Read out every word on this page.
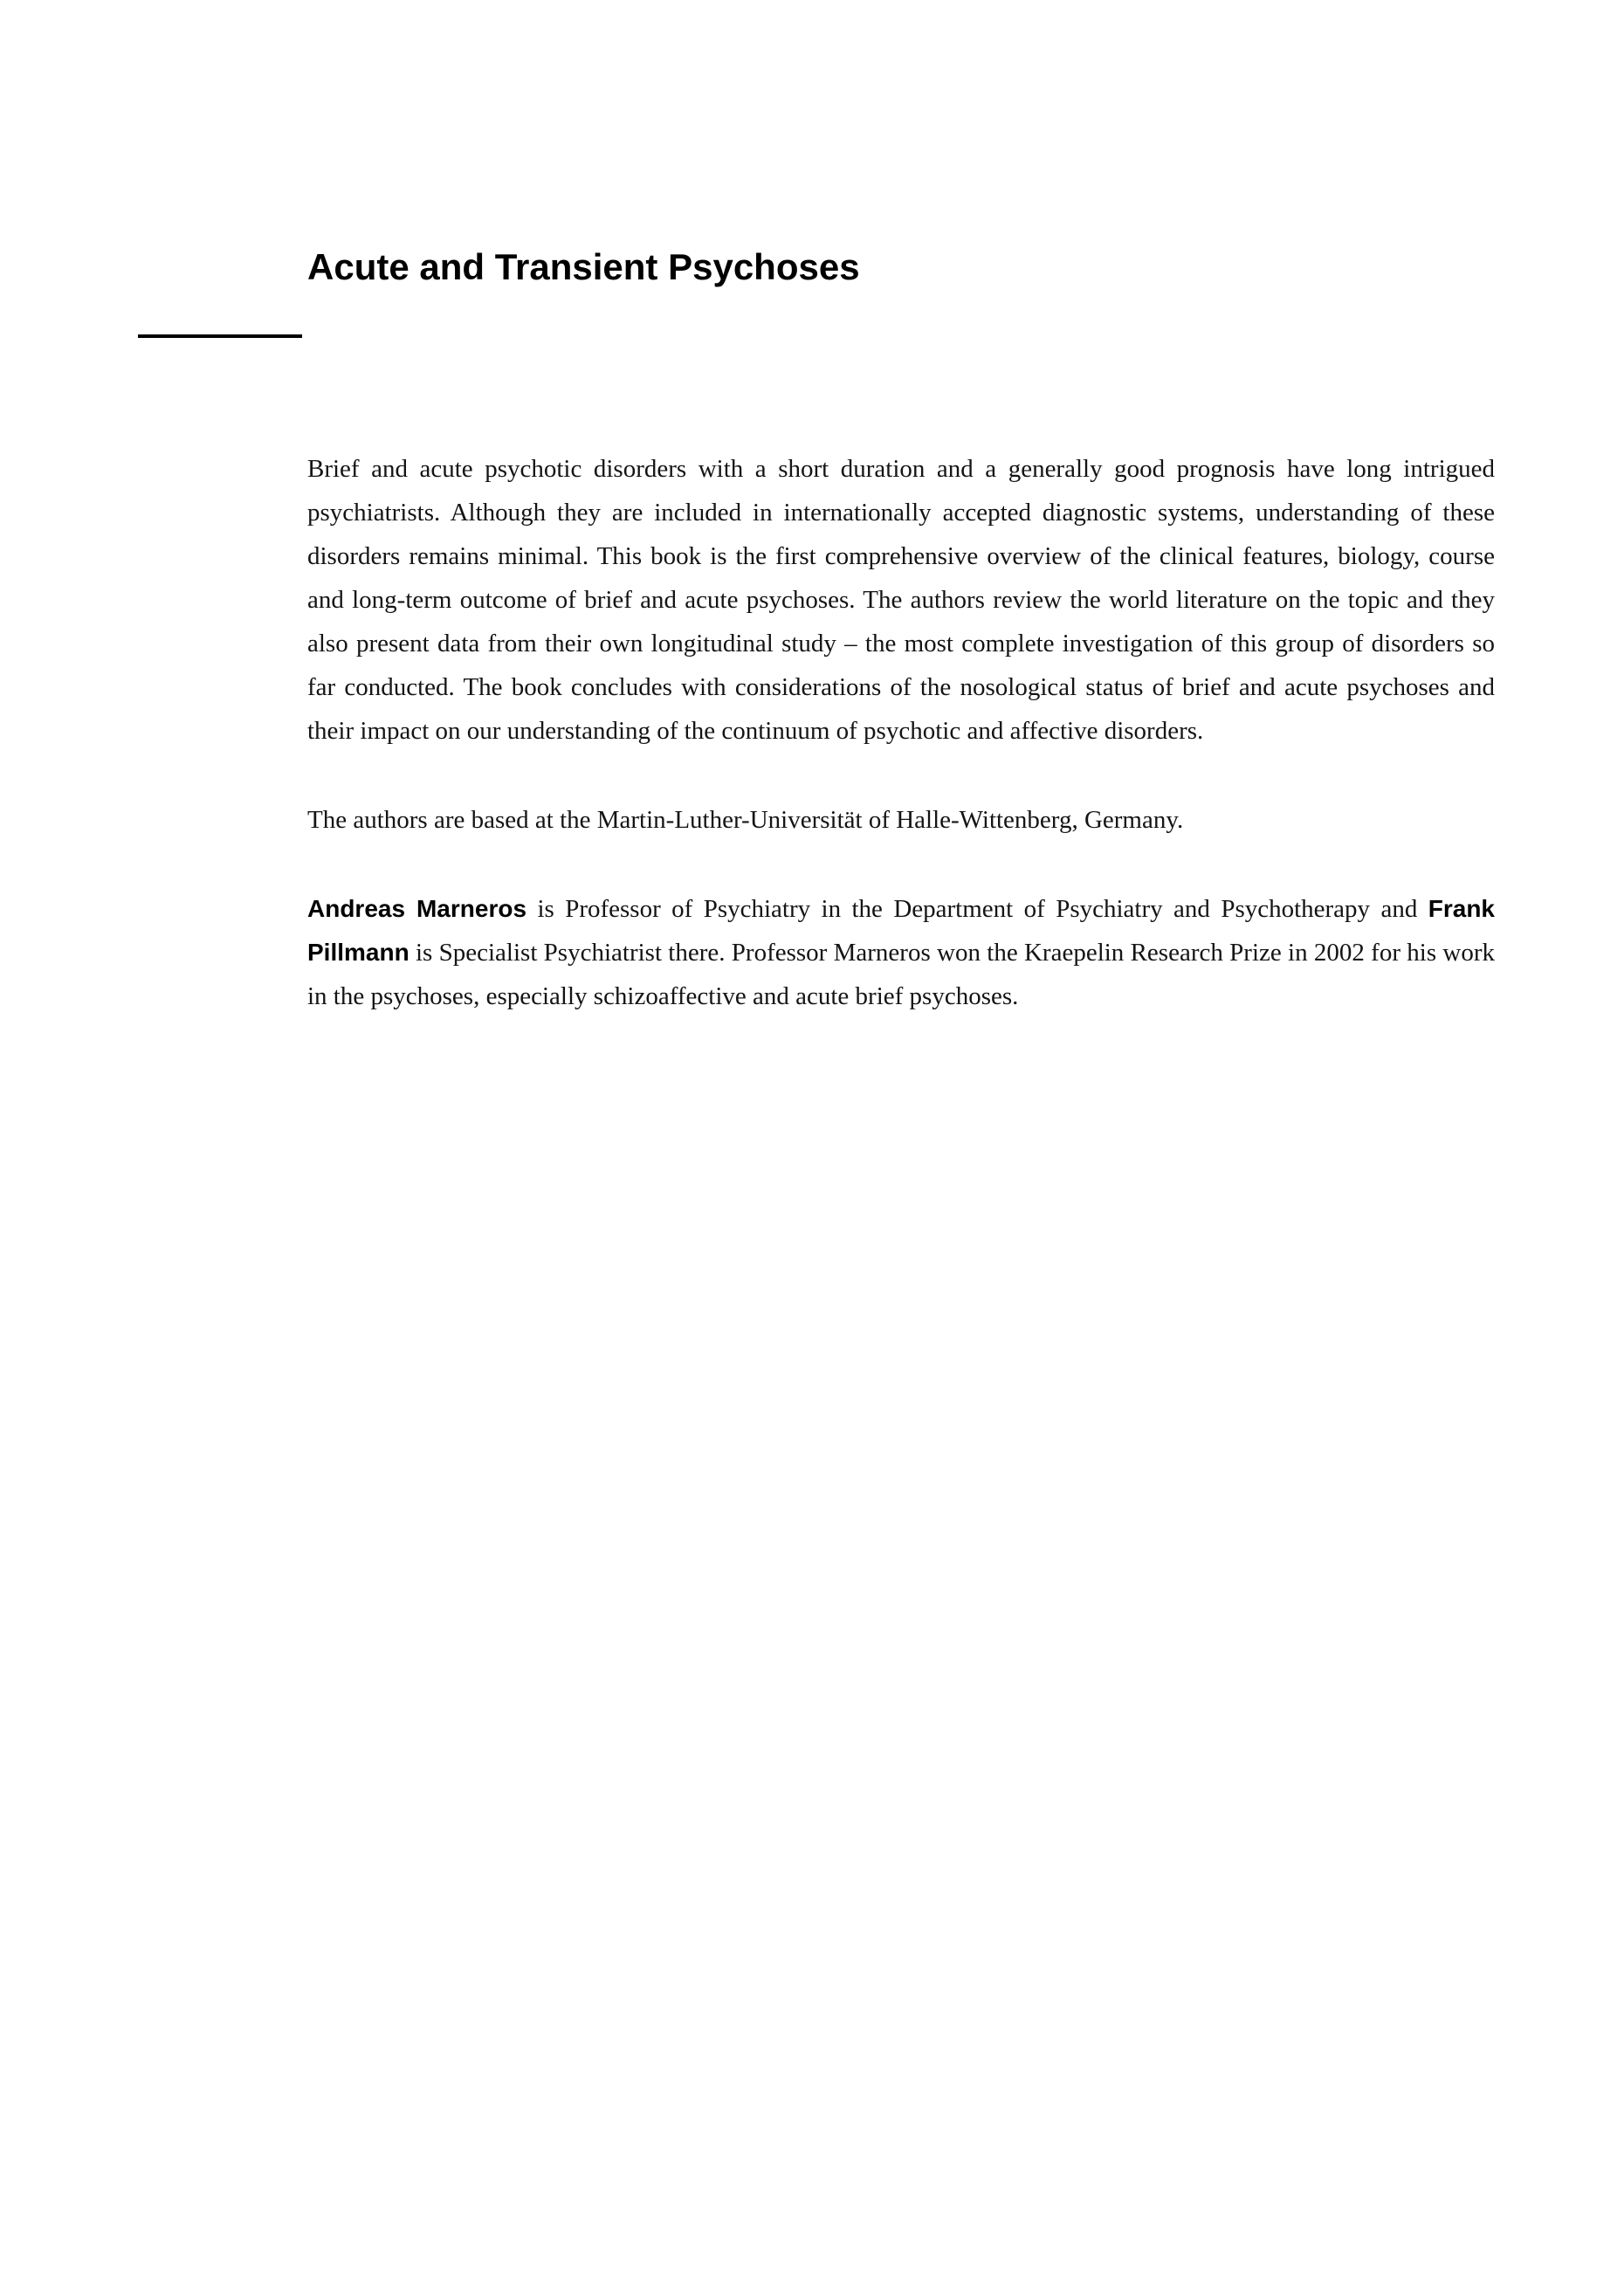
Acute and Transient Psychoses

Brief and acute psychotic disorders with a short duration and a generally good prognosis have long intrigued psychiatrists. Although they are included in internationally accepted diagnostic systems, understanding of these disorders remains minimal. This book is the first comprehensive overview of the clinical features, biology, course and long-term outcome of brief and acute psychoses. The authors review the world literature on the topic and they also present data from their own longitudinal study – the most complete investigation of this group of disorders so far conducted. The book concludes with considerations of the nosological status of brief and acute psychoses and their impact on our understanding of the continuum of psychotic and affective disorders.

The authors are based at the Martin-Luther-Universität of Halle-Wittenberg, Germany.

Andreas Marneros is Professor of Psychiatry in the Department of Psychiatry and Psychotherapy and Frank Pillmann is Specialist Psychiatrist there. Professor Marneros won the Kraepelin Research Prize in 2002 for his work in the psychoses, especially schizoaffective and acute brief psychoses.
